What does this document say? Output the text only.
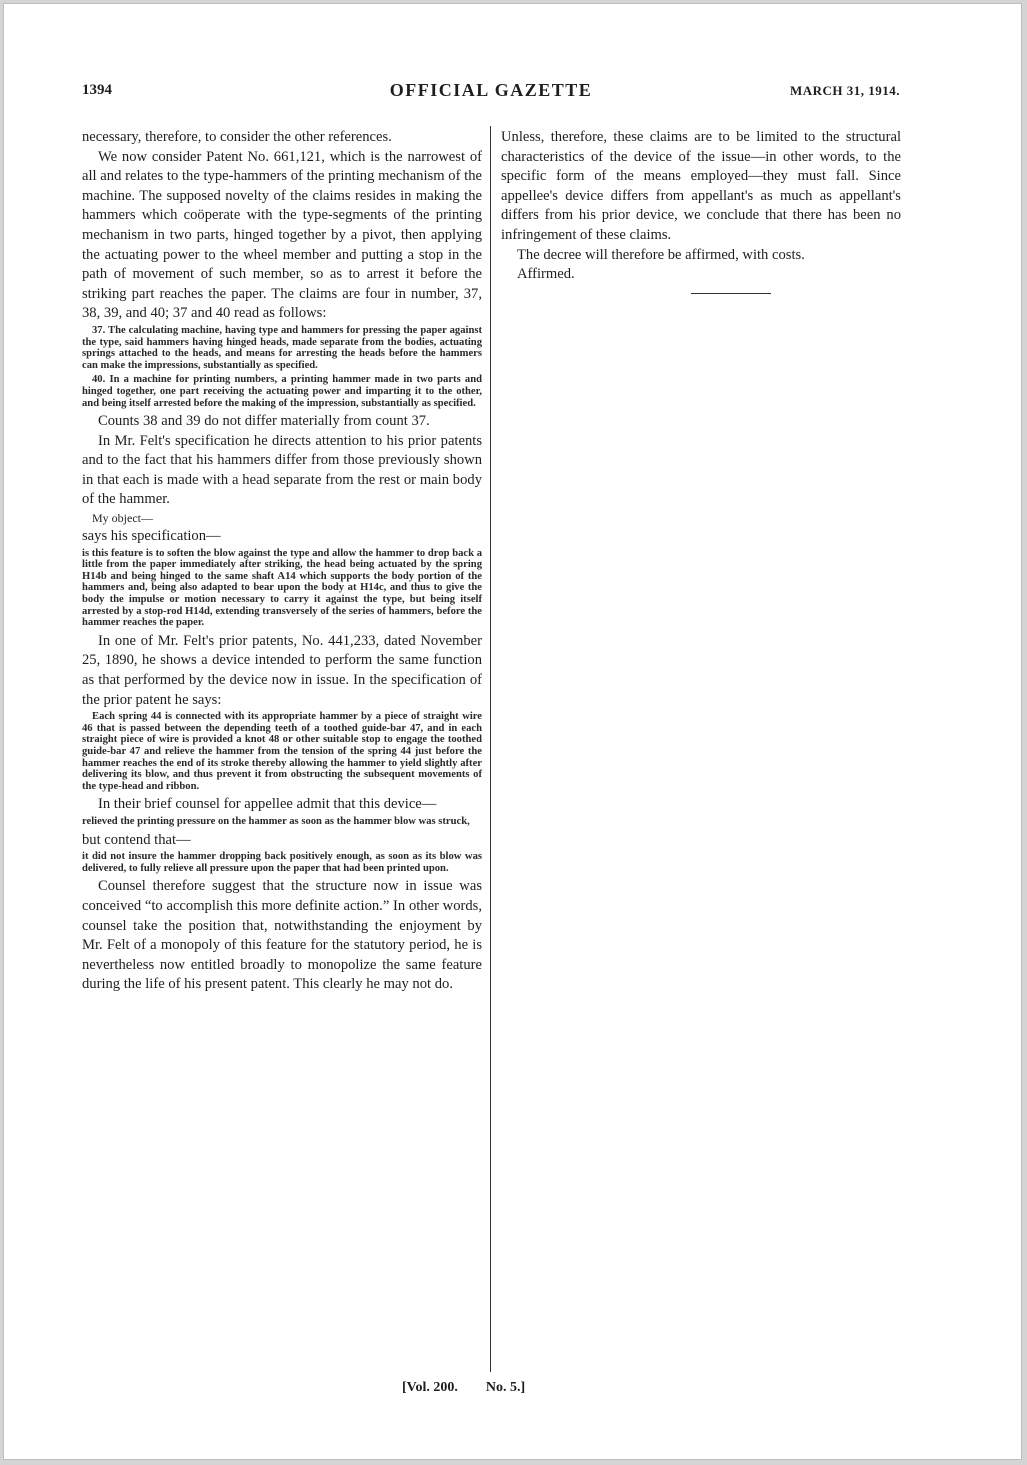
1394	OFFICIAL GAZETTE	MARCH 31, 1914.

necessary, therefore, to consider the other references.

We now consider Patent No. 661,121, which is the narrowest of all and relates to the type-hammers of the printing mechanism of the machine. The supposed novelty of the claims resides in making the hammers which coöperate with the type-segments of the printing mechanism in two parts, hinged together by a pivot, then applying the actuating power to the wheel member and putting a stop in the path of movement of such member, so as to arrest it before the striking part reaches the paper. The claims are four in number, 37, 38, 39, and 40; 37 and 40 read as follows:

37. The calculating machine, having type and hammers for pressing the paper against the type, said hammers having hinged heads, made separate from the bodies, actuating springs attached to the heads, and means for arresting the heads before the hammers can make the impressions, substantially as specified.

40. In a machine for printing numbers, a printing hammer made in two parts and hinged together, one part receiving the actuating power and imparting it to the other, and being itself arrested before the making of the impression, substantially as specified.

Counts 38 and 39 do not differ materially from count 37.

In Mr. Felt's specification he directs attention to his prior patents and to the fact that his hammers differ from those previously shown in that each is made with a head separate from the rest or main body of the hammer.

My object—

says his specification—

is this feature is to soften the blow against the type and allow the hammer to drop back a little from the paper immediately after striking, the head being actuated by the spring H14b and being hinged to the same shaft A14 which supports the body portion of the hammers and, being also adapted to bear upon the body at H14c, and thus to give the body the impulse or motion necessary to carry it against the type, but being itself arrested by a stop-rod H14d, extending transversely of the series of hammers, before the hammer reaches the paper.

In one of Mr. Felt's prior patents, No. 441,233, dated November 25, 1890, he shows a device intended to perform the same function as that performed by the device now in issue. In the specification of the prior patent he says:

Each spring 44 is connected with its appropriate hammer by a piece of straight wire 46 that is passed between the depending teeth of a toothed guide-bar 47, and in each straight piece of wire is provided a knot 48 or other suitable stop to engage the toothed guide-bar 47 and relieve the hammer from the tension of the spring 44 just before the hammer reaches the end of its stroke thereby allowing the hammer to yield slightly after delivering its blow, and thus prevent it from obstructing the subsequent movements of the type-head and ribbon.

In their brief counsel for appellee admit that this device—

relieved the printing pressure on the hammer as soon as the hammer blow was struck,

but contend that—

it did not insure the hammer dropping back positively enough, as soon as its blow was delivered, to fully relieve all pressure upon the paper that had been printed upon.

Counsel therefore suggest that the structure now in issue was conceived “to accomplish this more definite action.” In other words, counsel take the position that, notwithstanding the enjoyment by Mr. Felt of a monopoly of this feature for the statutory period, he is nevertheless now entitled broadly to monopolize the same feature during the life of his present patent. This clearly he may not do.

Unless, therefore, these claims are to be limited to the structural characteristics of the device of the issue—in other words, to the specific form of the means employed—they must fall. Since appellee's device differs from appellant's as much as appellant's differs from his prior device, we conclude that there has been no infringement of these claims.

The decree will therefore be affirmed, with costs.

Affirmed.

[Vol. 200. No. 5.]
